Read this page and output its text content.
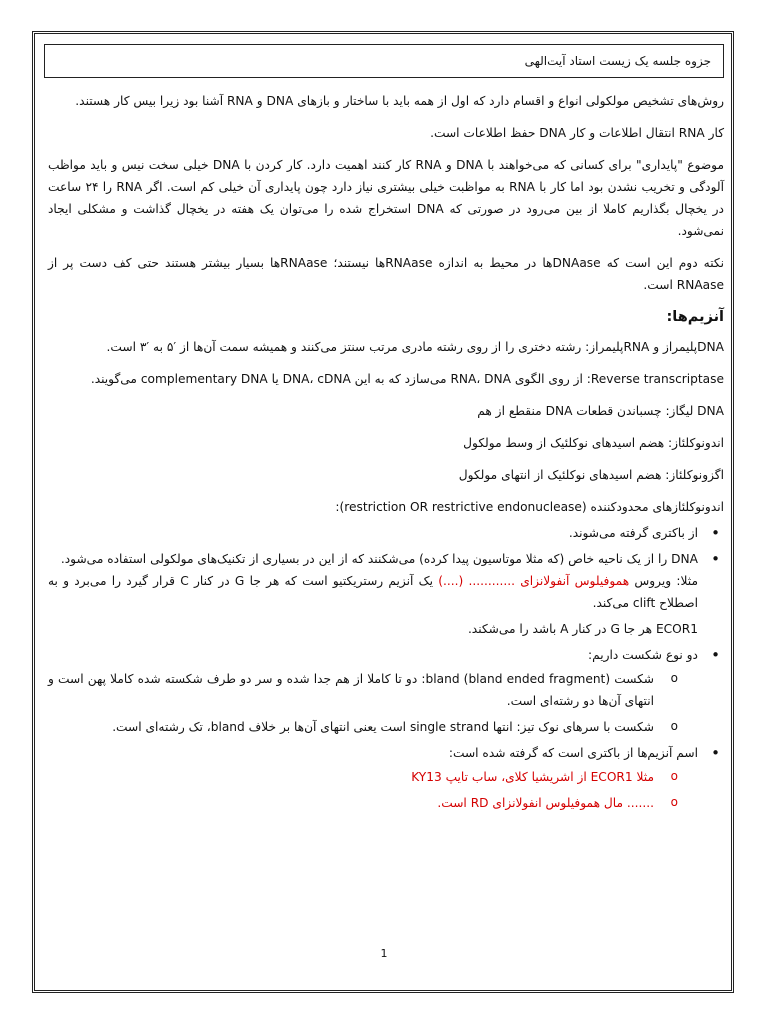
جزوه جلسه یک زیست استاد آیت‌الهی

روش‌های تشخیص مولکولی انواع و اقسام دارد که اول از همه باید با ساختار و بازهای DNA و RNA آشنا بود زیرا بیس کار هستند.

کار RNA انتقال اطلاعات و کار DNA حفظ اطلاعات است.

موضوع "پایداری" برای کسانی که می‌خواهند با DNA و RNA کار کنند اهمیت دارد. کار کردن با DNA خیلی سخت نیس و باید مواظب آلودگی و تخریب نشدن بود اما کار با RNA به مواظبت خیلی بیشتری نیاز دارد چون پایداری آن خیلی کم است. اگر RNA را ۲۴ ساعت در یخچال بگذاریم کاملا از بین می‌رود در صورتی که DNA استخراج شده را می‌توان یک هفته در یخچال گذاشت و مشکلی ایجاد نمی‌شود.

نکته دوم این است که DNAaseها در محیط به اندازه RNAaseها نیستند؛ RNAaseها بسیار بیشتر هستند حتی کف دست پر از RNAase است.

آنزیم‌ها:

DNAپلیمراز و RNAپلیمراز: رشته دختری را از روی رشته مادری مرتب سنتز می‌کنند و همیشه سمت آن‌ها از ′۵ به ′۳ است.

Reverse transcriptase: از روی الگوی RNA، DNA می‌سازد که به این DNA، cDNA یا complementary DNA می‌گویند.

DNA لیگاز: چسباندن قطعات DNA منقطع از هم

اندونوکلئاز: هضم اسیدهای نوکلئیک از وسط مولکول

اگزونوکلئاز: هضم اسیدهای نوکلئیک از انتهای مولکول

اندونوکلئازهای محدودکننده (restriction OR restrictive endonuclease):

• از باکتری گرفته می‌شوند.
• DNA را از یک ناحیه خاص (که مثلا موتاسیون پیدا کرده) می‌شکنند که از این در بسیاری از تکنیک‌های مولکولی استفاده می‌شود.
مثلا: ویروس هموفیلوس آنفولانزای ............ (....) یک آنزیم رستریکتیو است که هر جا G در کنار C قرار گیرد را می‌برد و به اصطلاح clift می‌کند.
ECOR1 هر جا G در کنار A باشد را می‌شکند.
• دو نوع شکست داریم:
o شکست bland (bland ended fragment): دو تا کاملا از هم جدا شده و سر دو طرف شکسته شده کاملا پهن است و انتهای آن‌ها دو رشته‌ای است.
o شکست با سرهای نوک تیز: انتها single strand است یعنی انتهای آن‌ها بر خلاف bland، تک رشته‌ای است.
• اسم آنزیم‌ها از باکتری است که گرفته شده است:
o مثلا ECOR1 از اشریشیا کلای، ساب تایپ KY13
o ....... مال هموفیلوس انفولانزای RD است.
1
